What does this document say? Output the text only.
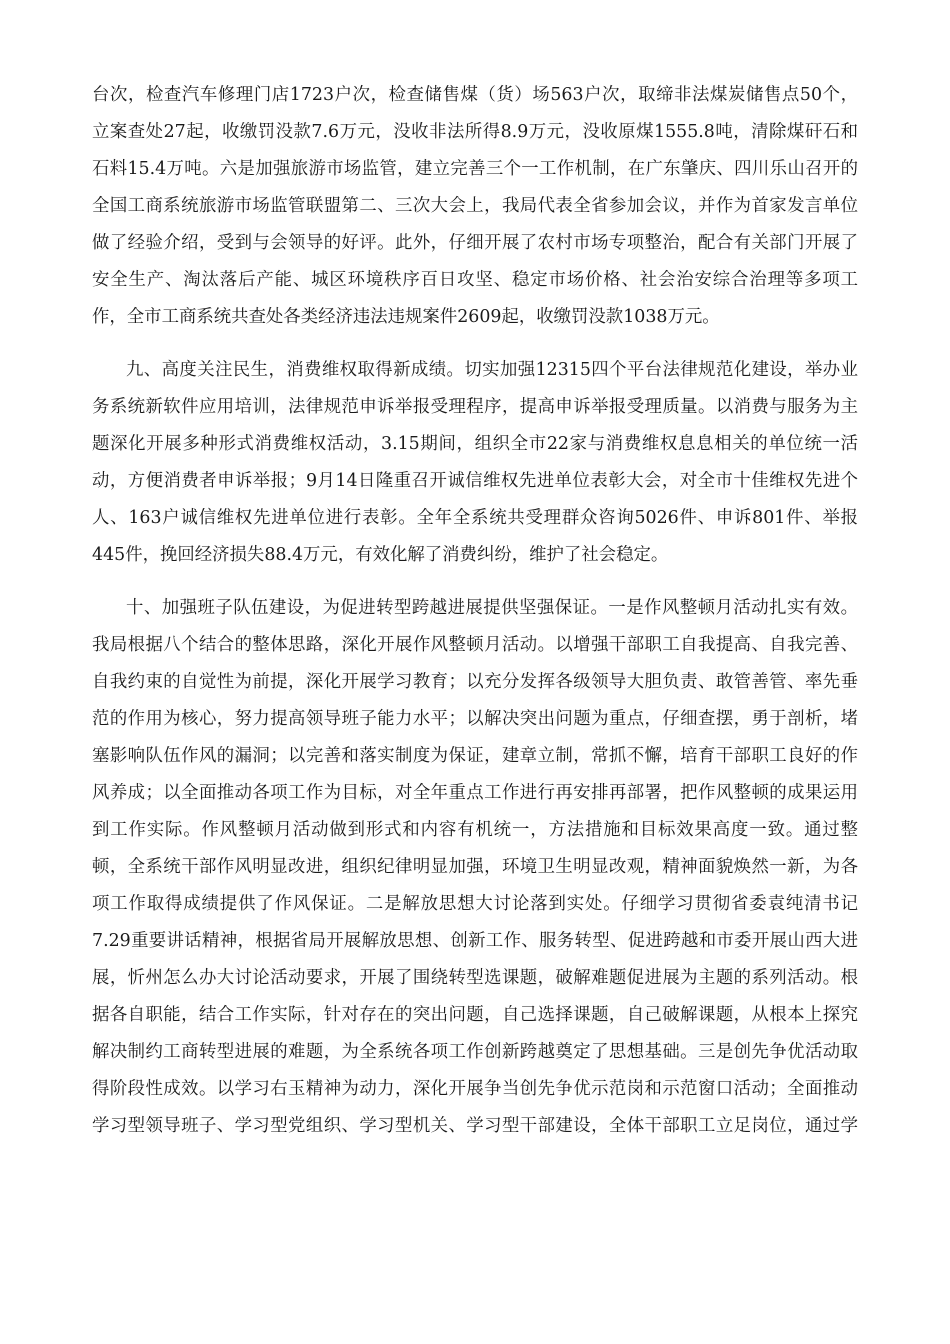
台次，检查汽车修理门店1723户次，检查储售煤（货）场563户次，取缔非法煤炭储售点50个，
立案查处27起，收缴罚没款7.6万元，没收非法所得8.9万元，没收原煤1555.8吨，清除煤矸石和
石料15.4万吨。六是加强旅游市场监管，建立完善三个一工作机制，在广东肇庆、四川乐山召开的
全国工商系统旅游市场监管联盟第二、三次大会上，我局代表全省参加会议，并作为首家发言单位
做了经验介绍，受到与会领导的好评。此外，仔细开展了农村市场专项整治，配合有关部门开展了
安全生产、淘汰落后产能、城区环境秩序百日攻坚、稳定市场价格、社会治安综合治理等多项工
作，全市工商系统共查处各类经济违法违规案件2609起，收缴罚没款1038万元。
九、高度关注民生，消费维权取得新成绩。切实加强12315四个平台法律规范化建设，举办业
务系统新软件应用培训，法律规范申诉举报受理程序，提高申诉举报受理质量。以消费与服务为主
题深化开展多种形式消费维权活动，3.15期间，组织全市22家与消费维权息息相关的单位统一活
动，方便消费者申诉举报；9月14日隆重召开诚信维权先进单位表彰大会，对全市十佳维权先进个
人、163户诚信维权先进单位进行表彰。全年全系统共受理群众咨询5026件、申诉801件、举报
445件，挽回经济损失88.4万元，有效化解了消费纠纷，维护了社会稳定。
十、加强班子队伍建设，为促进转型跨越进展提供坚强保证。一是作风整顿月活动扎实有效。
我局根据八个结合的整体思路，深化开展作风整顿月活动。以增强干部职工自我提高、自我完善、
自我约束的自觉性为前提，深化开展学习教育；以充分发挥各级领导大胆负责、敢管善管、率先垂
范的作用为核心，努力提高领导班子能力水平；以解决突出问题为重点，仔细查摆，勇于剖析，堵
塞影响队伍作风的漏洞；以完善和落实制度为保证，建章立制，常抓不懈，培育干部职工良好的作
风养成；以全面推动各项工作为目标，对全年重点工作进行再安排再部署，把作风整顿的成果运用
到工作实际。作风整顿月活动做到形式和内容有机统一，方法措施和目标效果高度一致。通过整
顿，全系统干部作风明显改进，组织纪律明显加强，环境卫生明显改观，精神面貌焕然一新，为各
项工作取得成绩提供了作风保证。二是解放思想大讨论落到实处。仔细学习贯彻省委袁纯清书记
7.29重要讲话精神，根据省局开展解放思想、创新工作、服务转型、促进跨越和市委开展山西大进
展，忻州怎么办大讨论活动要求，开展了围绕转型选课题，破解难题促进展为主题的系列活动。根
据各自职能，结合工作实际，针对存在的突出问题，自己选择课题，自己破解课题，从根本上探究
解决制约工商转型进展的难题，为全系统各项工作创新跨越奠定了思想基础。三是创先争优活动取
得阶段性成效。以学习右玉精神为动力，深化开展争当创先争优示范岗和示范窗口活动；全面推动
学习型领导班子、学习型党组织、学习型机关、学习型干部建设，全体干部职工立足岗位，通过学
